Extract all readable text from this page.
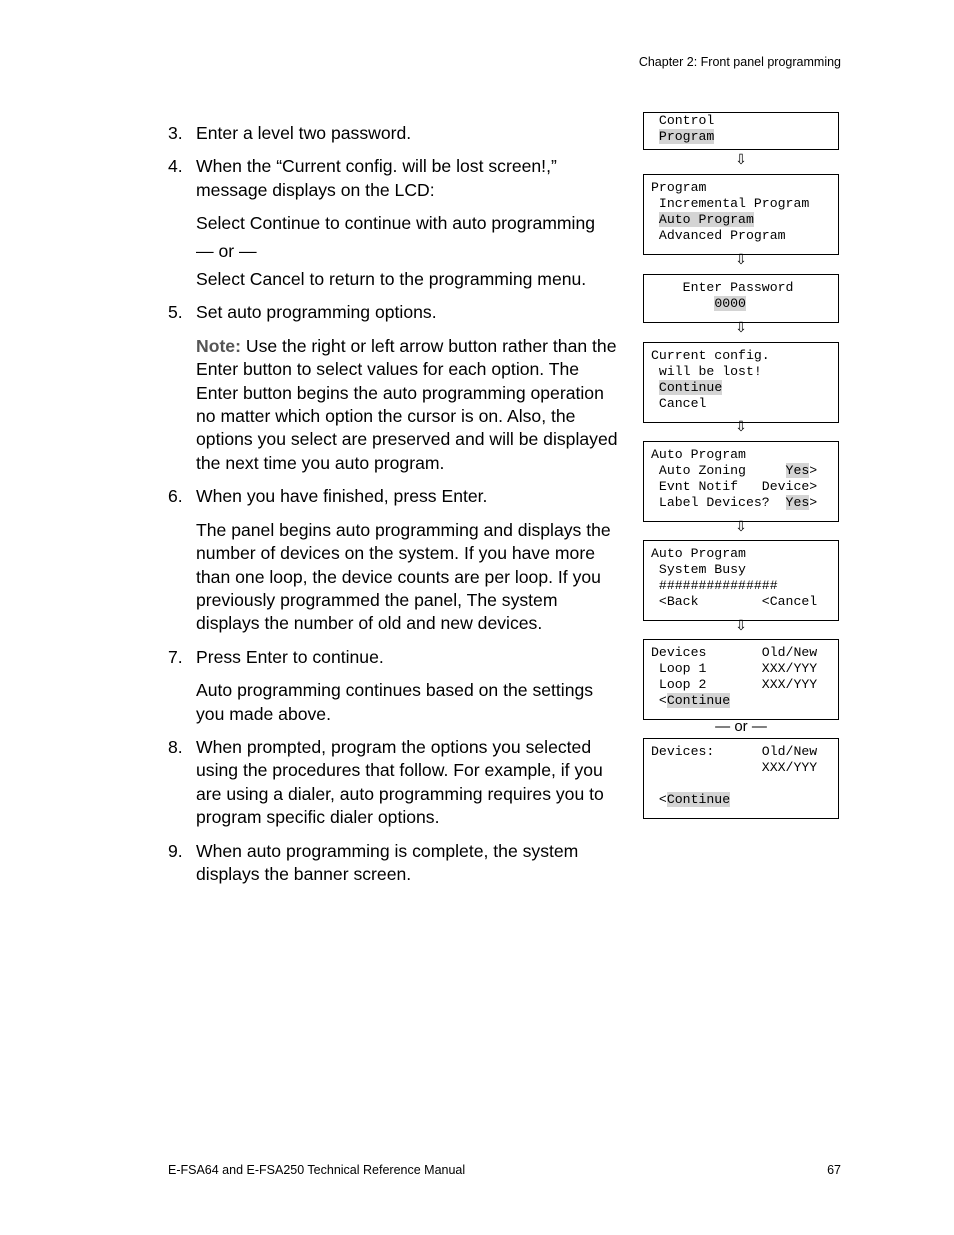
Chapter 2: Front panel programming
3. Enter a level two password.
4. When the “Current config. will be lost screen!,” message displays on the LCD:
Select Continue to continue with auto programming
— or —
Select Cancel to return to the programming menu.
5. Set auto programming options.
Note: Use the right or left arrow button rather than the Enter button to select values for each option. The Enter button begins the auto programming operation no matter which option the cursor is on. Also, the options you select are preserved and will be displayed the next time you auto program.
6. When you have finished, press Enter.
The panel begins auto programming and displays the number of devices on the system. If you have more than one loop, the device counts are per loop. If you previously programmed the panel, The system displays the number of old and new devices.
7. Press Enter to continue.
Auto programming continues based on the settings you made above.
8. When prompted, program the options you selected using the procedures that follow. For example, if you are using a dialer, auto programming requires you to program specific dialer options.
9. When auto programming is complete, the system displays the banner screen.
Control
Program
Program
Incremental Program
Auto Program
Advanced Program
Enter Password
0000
Current config.
will be lost!
Continue
Cancel
Auto Program
Auto Zoning     Yes>
Evnt Notif   Device>
Label Devices?  Yes>
Auto Program
System Busy
###############
<Back        <Cancel
Devices       Old/New
Loop 1       XXX/YYY
Loop 2       XXX/YYY
<Continue
Devices:      Old/New
XXX/YYY
<Continue
⇩
⇩
⇩
⇩
⇩
⇩
— or —
E-FSA64 and E-FSA250 Technical Reference Manual	67
